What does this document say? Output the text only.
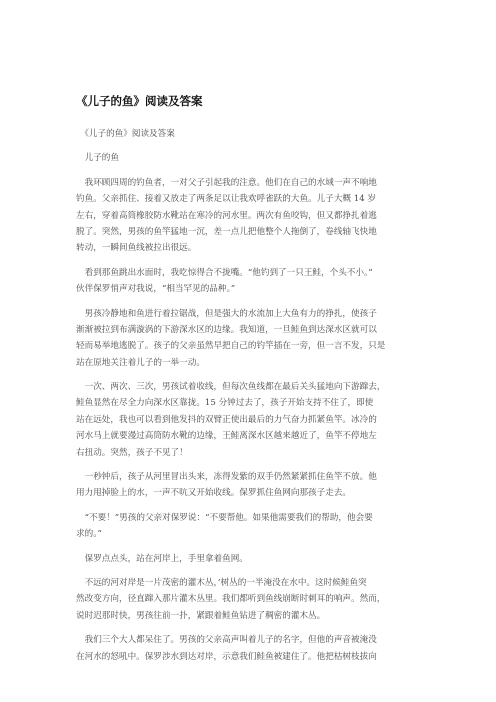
《儿子的鱼》阅读及答案
　《儿子的鱼》阅读及答案
　儿子的鱼
　我环顾四周的钓鱼者，一对父子引起我的注意。他们在自己的水域一声不响地
钓鱼。父亲抓住、接着又放走了两条足以让我欢呼雀跃的大鱼。儿子大概 14 岁
左右，穿着高筒橡胶防水靴站在寒冷的河水里。两次有鱼咬钩，但又都挣扎着逃
脱了。突然，男孩的鱼竿猛地一沉，差一点儿把他整个人拖倒了，卷线轴飞快地
转动，一瞬间鱼线被拉出很远。
　看到那鱼跳出水面时，我吃惊得合不拢嘴。“他钓到了一只王鲑，个头不小。”
伙伴保罗悄声对我说，“相当罕见的品种。”
　男孩冷静地和鱼进行着拉锯战，但是强大的水流加上大鱼有力的挣扎，使孩子
渐渐被拉到布满漩涡的下游深水区的边缘。我知道，一旦鲑鱼到达深水区就可以
轻而易举地逃脱了。孩子的父亲虽然早把自己的钓竿插在一旁，但一言不发，只是
站在原地关注着儿子的一举一动。
　一次、两次、三次，男孩试着收线，但每次鱼线都在最后关头猛地向下游蹿去，
鲑鱼显然在尽全力向深水区靠拢。15 分钟过去了，孩子开始支持不住了，即使
站在远处，我也可以看到他发抖的双臂正使出最后的力气奋力抓紧鱼竿。冰冷的
河水马上就要漫过高筒防水靴的边缘，王鲑离深水区越来越近了，鱼竿不停地左
右扭动。突然，孩子不见了！
　一秒钟后，孩子从河里冒出头来，冻得发紫的双手仍然紧紧抓住鱼竿不放。他
用力甩掉脸上的水，一声不吭又开始收线。保罗抓住鱼网向那孩子走去。
　“不要！”男孩的父亲对保罗说：“不要帮他。如果他需要我们的帮助，他会要
求的。”
　保罗点点头，站在河岸上，手里拿着鱼网。
　不远的河对岸是一片茂密的灌木丛，’树丛的一半淹没在水中。这时候鲑鱼突
然改变方向，径直蹿入那片灌木丛里。我们都听到鱼线崩断时刺耳的响声。然而，
说时迟那时快，男孩往前一扑，紧跟着鲑鱼钻进了稠密的灌木丛。
　我们三个大人都呆住了。男孩的父亲高声叫着儿子的名字，但他的声音被淹没
在河水的怒吼中。保罗涉水到达对岸，示意我们鲑鱼被建住了。他把枯树枝拔向
